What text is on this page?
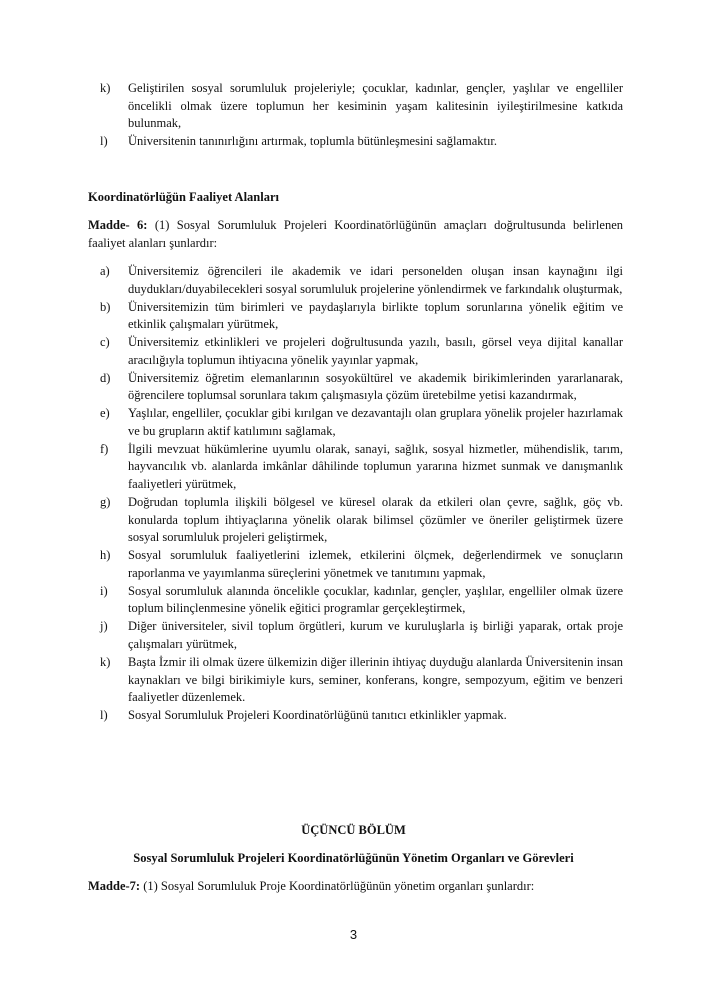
k) Geliştirilen sosyal sorumluluk projeleriyle; çocuklar, kadınlar, gençler, yaşlılar ve engelliler öncelikli olmak üzere toplumun her kesiminin yaşam kalitesinin iyileştirilmesine katkıda bulunmak,
l) Üniversitenin tanınırlığını artırmak, toplumla bütünleşmesini sağlamaktır.
Koordinatörlüğün Faaliyet Alanları
Madde- 6: (1) Sosyal Sorumluluk Projeleri Koordinatörlüğünün amaçları doğrultusunda belirlenen faaliyet alanları şunlardır:
a) Üniversitemiz öğrencileri ile akademik ve idari personelden oluşan insan kaynağını ilgi duydukları/duyabilecekleri sosyal sorumluluk projelerine yönlendirmek ve farkındalık oluşturmak,
b) Üniversitemizin tüm birimleri ve paydaşlarıyla birlikte toplum sorunlarına yönelik eğitim ve etkinlik çalışmaları yürütmek,
c) Üniversitemiz etkinlikleri ve projeleri doğrultusunda yazılı, basılı, görsel veya dijital kanallar aracılığıyla toplumun ihtiyacına yönelik yayınlar yapmak,
d) Üniversitemiz öğretim elemanlarının sosyokültürel ve akademik birikimlerinden yararlanarak, öğrencilere toplumsal sorunlara takım çalışmasıyla çözüm üretebilme yetisi kazandırmak,
e) Yaşlılar, engelliler, çocuklar gibi kırılgan ve dezavantajlı olan gruplara yönelik projeler hazırlamak ve bu grupların aktif katılımını sağlamak,
f) İlgili mevzuat hükümlerine uyumlu olarak, sanayi, sağlık, sosyal hizmetler, mühendislik, tarım, hayvancılık vb. alanlarda imkânlar dâhilinde toplumun yararına hizmet sunmak ve danışmanlık faaliyetleri yürütmek,
g) Doğrudan toplumla ilişkili bölgesel ve küresel olarak da etkileri olan çevre, sağlık, göç vb. konularda toplum ihtiyaçlarına yönelik olarak bilimsel çözümler ve öneriler geliştirmek üzere sosyal sorumluluk projeleri geliştirmek,
h) Sosyal sorumluluk faaliyetlerini izlemek, etkilerini ölçmek, değerlendirmek ve sonuçların raporlanma ve yayımlanma süreçlerini yönetmek ve tanıtımını yapmak,
i) Sosyal sorumluluk alanında öncelikle çocuklar, kadınlar, gençler, yaşlılar, engelliler olmak üzere toplum bilinçlenmesine yönelik eğitici programlar gerçekleştirmek,
j) Diğer üniversiteler, sivil toplum örgütleri, kurum ve kuruluşlarla iş birliği yaparak, ortak proje çalışmaları yürütmek,
k) Başta İzmir ili olmak üzere ülkemizin diğer illerinin ihtiyaç duyduğu alanlarda Üniversitenin insan kaynakları ve bilgi birikimiyle kurs, seminer, konferans, kongre, sempozyum, eğitim ve benzeri faaliyetler düzenlemek.
l) Sosyal Sorumluluk Projeleri Koordinatörlüğünü tanıtıcı etkinlikler yapmak.
ÜÇÜNCÜ BÖLÜM
Sosyal Sorumluluk Projeleri Koordinatörlüğünün Yönetim Organları ve Görevleri
Madde-7: (1) Sosyal Sorumluluk Proje Koordinatörlüğünün yönetim organları şunlardır:
3
